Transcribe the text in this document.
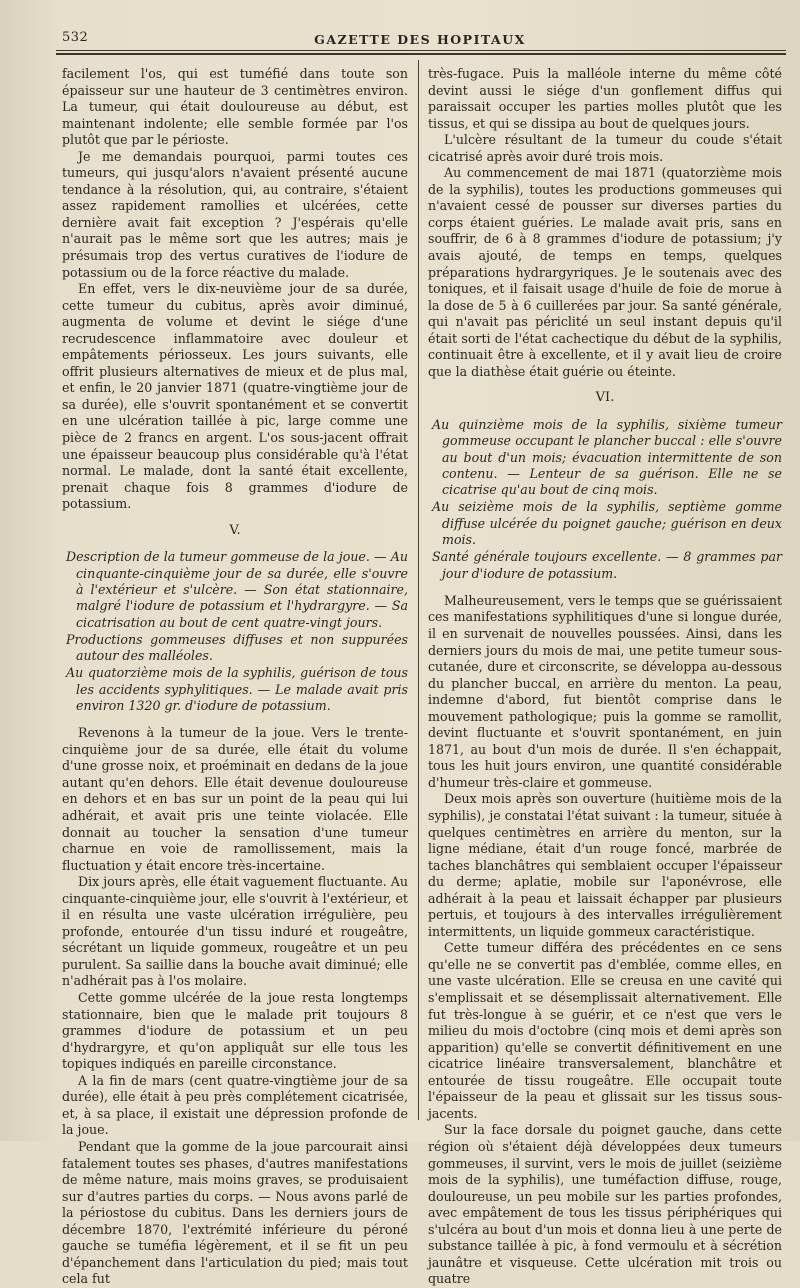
532	GAZETTE DES HOPITAUX

facilement l'os, qui est tuméfié dans toute son épaisseur sur une hauteur de 3 centimètres environ. La tumeur, qui était douloureuse au début, est maintenant indolente; elle semble formée par l'os plutôt que par le périoste.

Je me demandais pourquoi, parmi toutes ces tumeurs, qui jusqu'alors n'avaient présenté aucune tendance à la résolution, qui, au contraire, s'étaient assez rapidement ramollies et ulcérées, cette dernière avait fait exception ? J'espérais qu'elle n'aurait pas le même sort que les autres; mais je présumais trop des vertus curatives de l'iodure de potassium ou de la force réactive du malade.

En effet, vers le dix-neuvième jour de sa durée, cette tumeur du cubitus, après avoir diminué, augmenta de volume et devint le siége d'une recrudescence inflammatoire avec douleur et empâtements périosseux. Les jours suivants, elle offrit plusieurs alternatives de mieux et de plus mal, et enfin, le 20 janvier 1871 (quatre-vingtième jour de sa durée), elle s'ouvrit spontanément et se convertit en une ulcération taillée à pic, large comme une pièce de 2 francs en argent. L'os sous-jacent offrait une épaisseur beaucoup plus considérable qu'à l'état normal. Le malade, dont la santé était excellente, prenait chaque fois 8 grammes d'iodure de potassium.

V.

Description de la tumeur gommeuse de la joue. — Au cinquante-cinquième jour de sa durée, elle s'ouvre à l'extérieur et s'ulcère. — Son état stationnaire, malgré l'iodure de potassium et l'hydrargyre. — Sa cicatrisation au bout de cent quatre-vingt jours.

Productions gommeuses diffuses et non suppurées autour des malléoles.

Au quatorzième mois de la syphilis, guérison de tous les accidents syphylitiques. — Le malade avait pris environ 1320 gr. d'iodure de potassium.

Revenons à la tumeur de la joue. Vers le trente-cinquième jour de sa durée, elle était du volume d'une grosse noix, et proéminait en dedans de la joue autant qu'en dehors. Elle était devenue douloureuse en dehors et en bas sur un point de la peau qui lui adhérait, et avait pris une teinte violacée. Elle donnait au toucher la sensation d'une tumeur charnue en voie de ramollissement, mais la fluctuation y était encore très-incertaine.

Dix jours après, elle était vaguement fluctuante. Au cinquante-cinquième jour, elle s'ouvrit à l'extérieur, et il en résulta une vaste ulcération irrégulière, peu profonde, entourée d'un tissu induré et rougeâtre, sécrétant un liquide gommeux, rougeâtre et un peu purulent. Sa saillie dans la bouche avait diminué; elle n'adhérait pas à l'os molaire.

Cette gomme ulcérée de la joue resta longtemps stationnaire, bien que le malade prit toujours 8 grammes d'iodure de potassium et un peu d'hydrargyre, et qu'on appliquât sur elle tous les topiques indiqués en pareille circonstance.

A la fin de mars (cent quatre-vingtième jour de sa durée), elle était à peu près complétement cicatrisée, et, à sa place, il existait une dépression profonde de la joue.

Pendant que la gomme de la joue parcourait ainsi fatalement toutes ses phases, d'autres manifestations de même nature, mais moins graves, se produisaient sur d'autres parties du corps. — Nous avons parlé de la périostose du cubitus. Dans les derniers jours de décembre 1870, l'extrémité inférieure du péroné gauche se tuméfia légèrement, et il se fit un peu d'épanchement dans l'articulation du pied; mais tout cela fut

très-fugace. Puis la malléole interne du même côté devint aussi le siége d'un gonflement diffus qui paraissait occuper les parties molles plutôt que les tissus, et qui se dissipa au bout de quelques jours.

L'ulcère résultant de la tumeur du coude s'était cicatrisé après avoir duré trois mois.

Au commencement de mai 1871 (quatorzième mois de la syphilis), toutes les productions gommeuses qui n'avaient cessé de pousser sur diverses parties du corps étaient guéries. Le malade avait pris, sans en souffrir, de 6 à 8 grammes d'iodure de potassium; j'y avais ajouté, de temps en temps, quelques préparations hydrargyriques. Je le soutenais avec des toniques, et il faisait usage d'huile de foie de morue à la dose de 5 à 6 cuillerées par jour. Sa santé générale, qui n'avait pas périclité un seul instant depuis qu'il était sorti de l'état cachectique du début de la syphilis, continuait être à excellente, et il y avait lieu de croire que la diathèse était guérie ou éteinte.

VI.

Au quinzième mois de la syphilis, sixième tumeur gommeuse occupant le plancher buccal : elle s'ouvre au bout d'un mois; évacuation intermittente de son contenu. — Lenteur de sa guérison. Elle ne se cicatrise qu'au bout de cinq mois.

Au seizième mois de la syphilis, septième gomme diffuse ulcérée du poignet gauche; guérison en deux mois.

Santé générale toujours excellente. — 8 grammes par jour d'iodure de potassium.

Malheureusement, vers le temps que se guérissaient ces manifestations syphilitiques d'une si longue durée, il en survenait de nouvelles poussées. Ainsi, dans les derniers jours du mois de mai, une petite tumeur sous-cutanée, dure et circonscrite, se développa au-dessous du plancher buccal, en arrière du menton. La peau, indemne d'abord, fut bientôt comprise dans le mouvement pathologique; puis la gomme se ramollit, devint fluctuante et s'ouvrit spontanément, en juin 1871, au bout d'un mois de durée. Il s'en échappait, tous les huit jours environ, une quantité considérable d'humeur très-claire et gommeuse.

Deux mois après son ouverture (huitième mois de la syphilis), je constatai l'état suivant : la tumeur, située à quelques centimètres en arrière du menton, sur la ligne médiane, était d'un rouge foncé, marbrée de taches blanchâtres qui semblaient occuper l'épaisseur du derme; aplatie, mobile sur l'aponévrose, elle adhérait à la peau et laissait échapper par plusieurs pertuis, et toujours à des intervalles irrégulièrement intermittents, un liquide gommeux caractéristique.

Cette tumeur différa des précédentes en ce sens qu'elle ne se convertit pas d'emblée, comme elles, en une vaste ulcération. Elle se creusa en une cavité qui s'emplissait et se désemplissait alternativement. Elle fut très-longue à se guérir, et ce n'est que vers le milieu du mois d'octobre (cinq mois et demi après son apparition) qu'elle se convertit définitivement en une cicatrice linéaire transversalement, blanchâtre et entourée de tissu rougeâtre. Elle occupait toute l'épaisseur de la peau et glissait sur les tissus sous-jacents.

Sur la face dorsale du poignet gauche, dans cette région où s'étaient déjà développées deux tumeurs gommeuses, il survint, vers le mois de juillet (seizième mois de la syphilis), une tuméfaction diffuse, rouge, douloureuse, un peu mobile sur les parties profondes, avec empâtement de tous les tissus périphériques qui s'ulcéra au bout d'un mois et donna lieu à une perte de substance taillée à pic, à fond vermoulu et à sécrétion jaunâtre et visqueuse. Cette ulcération mit trois ou quatre
